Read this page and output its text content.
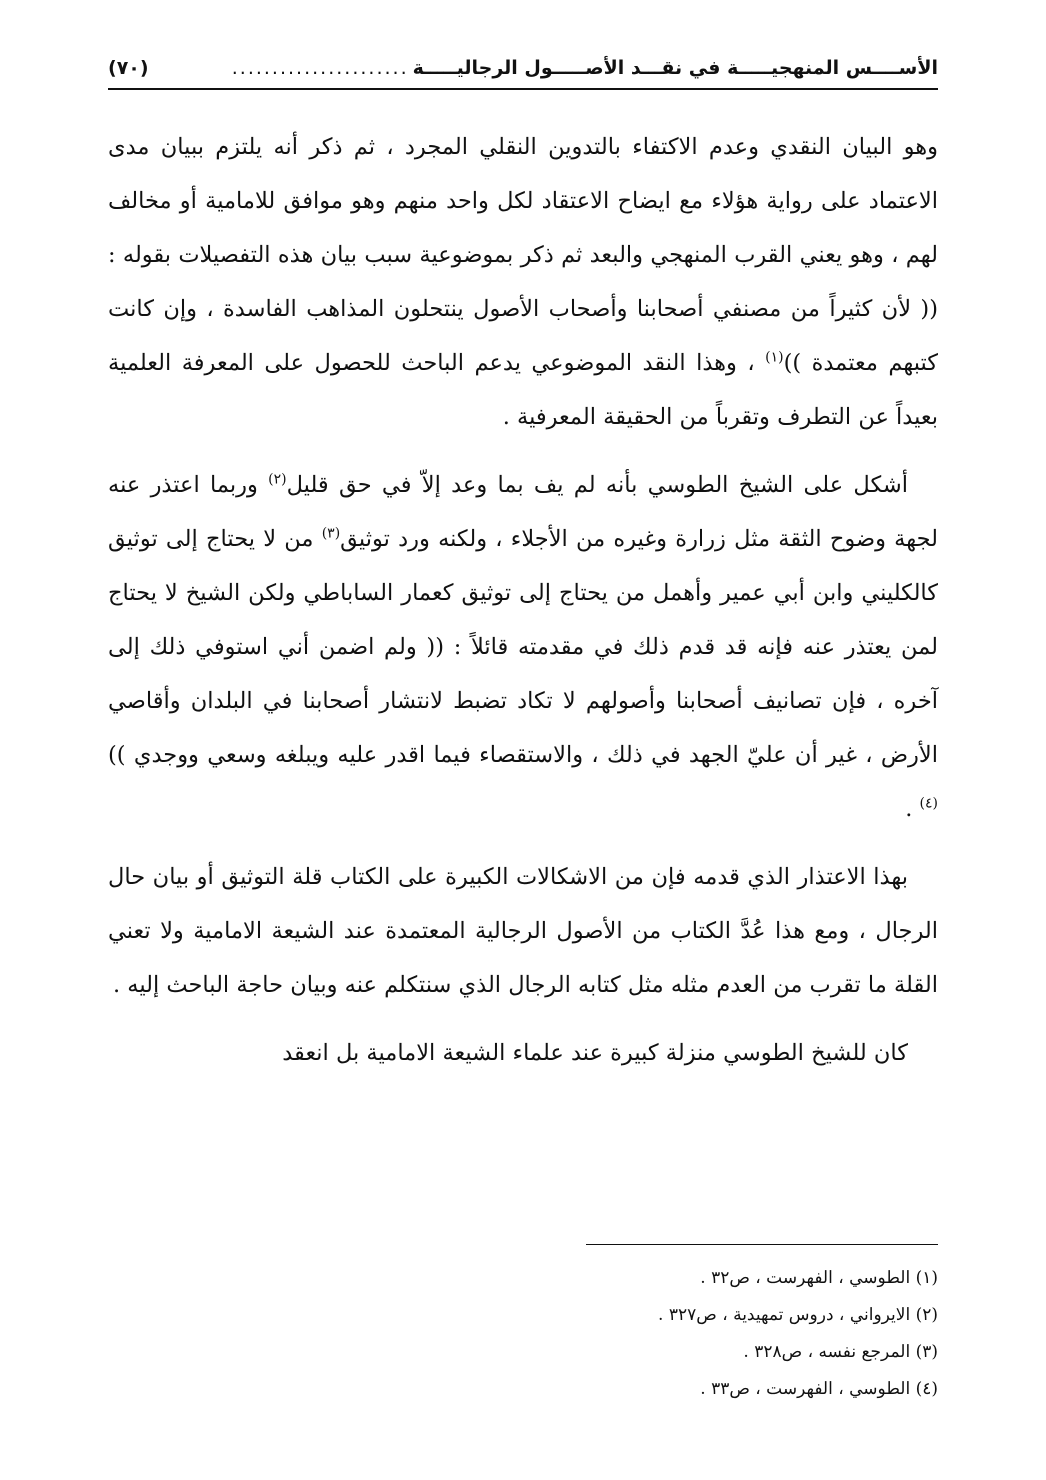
الأســــس المنهجيـــــة في نقـــد الأصـــــول الرجاليـــــة
......................
(٧٠)

وهو البيان النقدي وعدم الاكتفاء بالتدوين النقلي المجرد ، ثم ذكر أنه يلتزم ببيان مدى الاعتماد على رواية هؤلاء مع ايضاح الاعتقاد لكل واحد منهم وهو موافق للامامية أو مخالف لهم ، وهو يعني القرب المنهجي والبعد ثم ذكر بموضوعية سبب بيان هذه التفصيلات بقوله : (( لأن كثيراً من مصنفي أصحابنا وأصحاب الأصول ينتحلون المذاهب الفاسدة ، وإن كانت كتبهم معتمدة ))$^{(١)}$ ، وهذا النقد الموضوعي يدعم الباحث للحصول على المعرفة العلمية بعيداً عن التطرف وتقرباً من الحقيقة المعرفية .

أشكل على الشيخ الطوسي بأنه لم يف بما وعد إلاّ في حق قليل$^{(٢)}$ وربما اعتذر عنه لجهة وضوح الثقة مثل زرارة وغيره من الأجلاء ، ولكنه ورد توثيق$^{(٣)}$ من لا يحتاج إلى توثيق كالكليني وابن أبي عمير وأهمل من يحتاج إلى توثيق كعمار الساباطي ولكن الشيخ لا يحتاج لمن يعتذر عنه فإنه قد قدم ذلك في مقدمته قائلاً : (( ولم اضمن أني استوفي ذلك إلى آخره ، فإن تصانيف أصحابنا وأصولهم لا تكاد تضبط لانتشار أصحابنا في البلدان وأقاصي الأرض ، غير أن عليّ الجهد في ذلك ، والاستقصاء فيما اقدر عليه ويبلغه وسعي ووجدي ))$^{(٤)}$ .

بهذا الاعتذار الذي قدمه فإن من الاشكالات الكبيرة على الكتاب قلة التوثيق أو بيان حال الرجال ، ومع هذا عُدَّ الكتاب من الأصول الرجالية المعتمدة عند الشيعة الامامية ولا تعني القلة ما تقرب من العدم مثله مثل كتابه الرجال الذي سنتكلم عنه وبيان حاجة الباحث إليه .

كان للشيخ الطوسي منزلة كبيرة عند علماء الشيعة الامامية بل انعقد

(١) الطوسي ، الفهرست ، ص٣٢ .

(٢) الايرواني ، دروس تمهيدية ، ص٣٢٧ .

(٣) المرجع نفسه ، ص٣٢٨ .

(٤) الطوسي ، الفهرست ، ص٣٣ .
